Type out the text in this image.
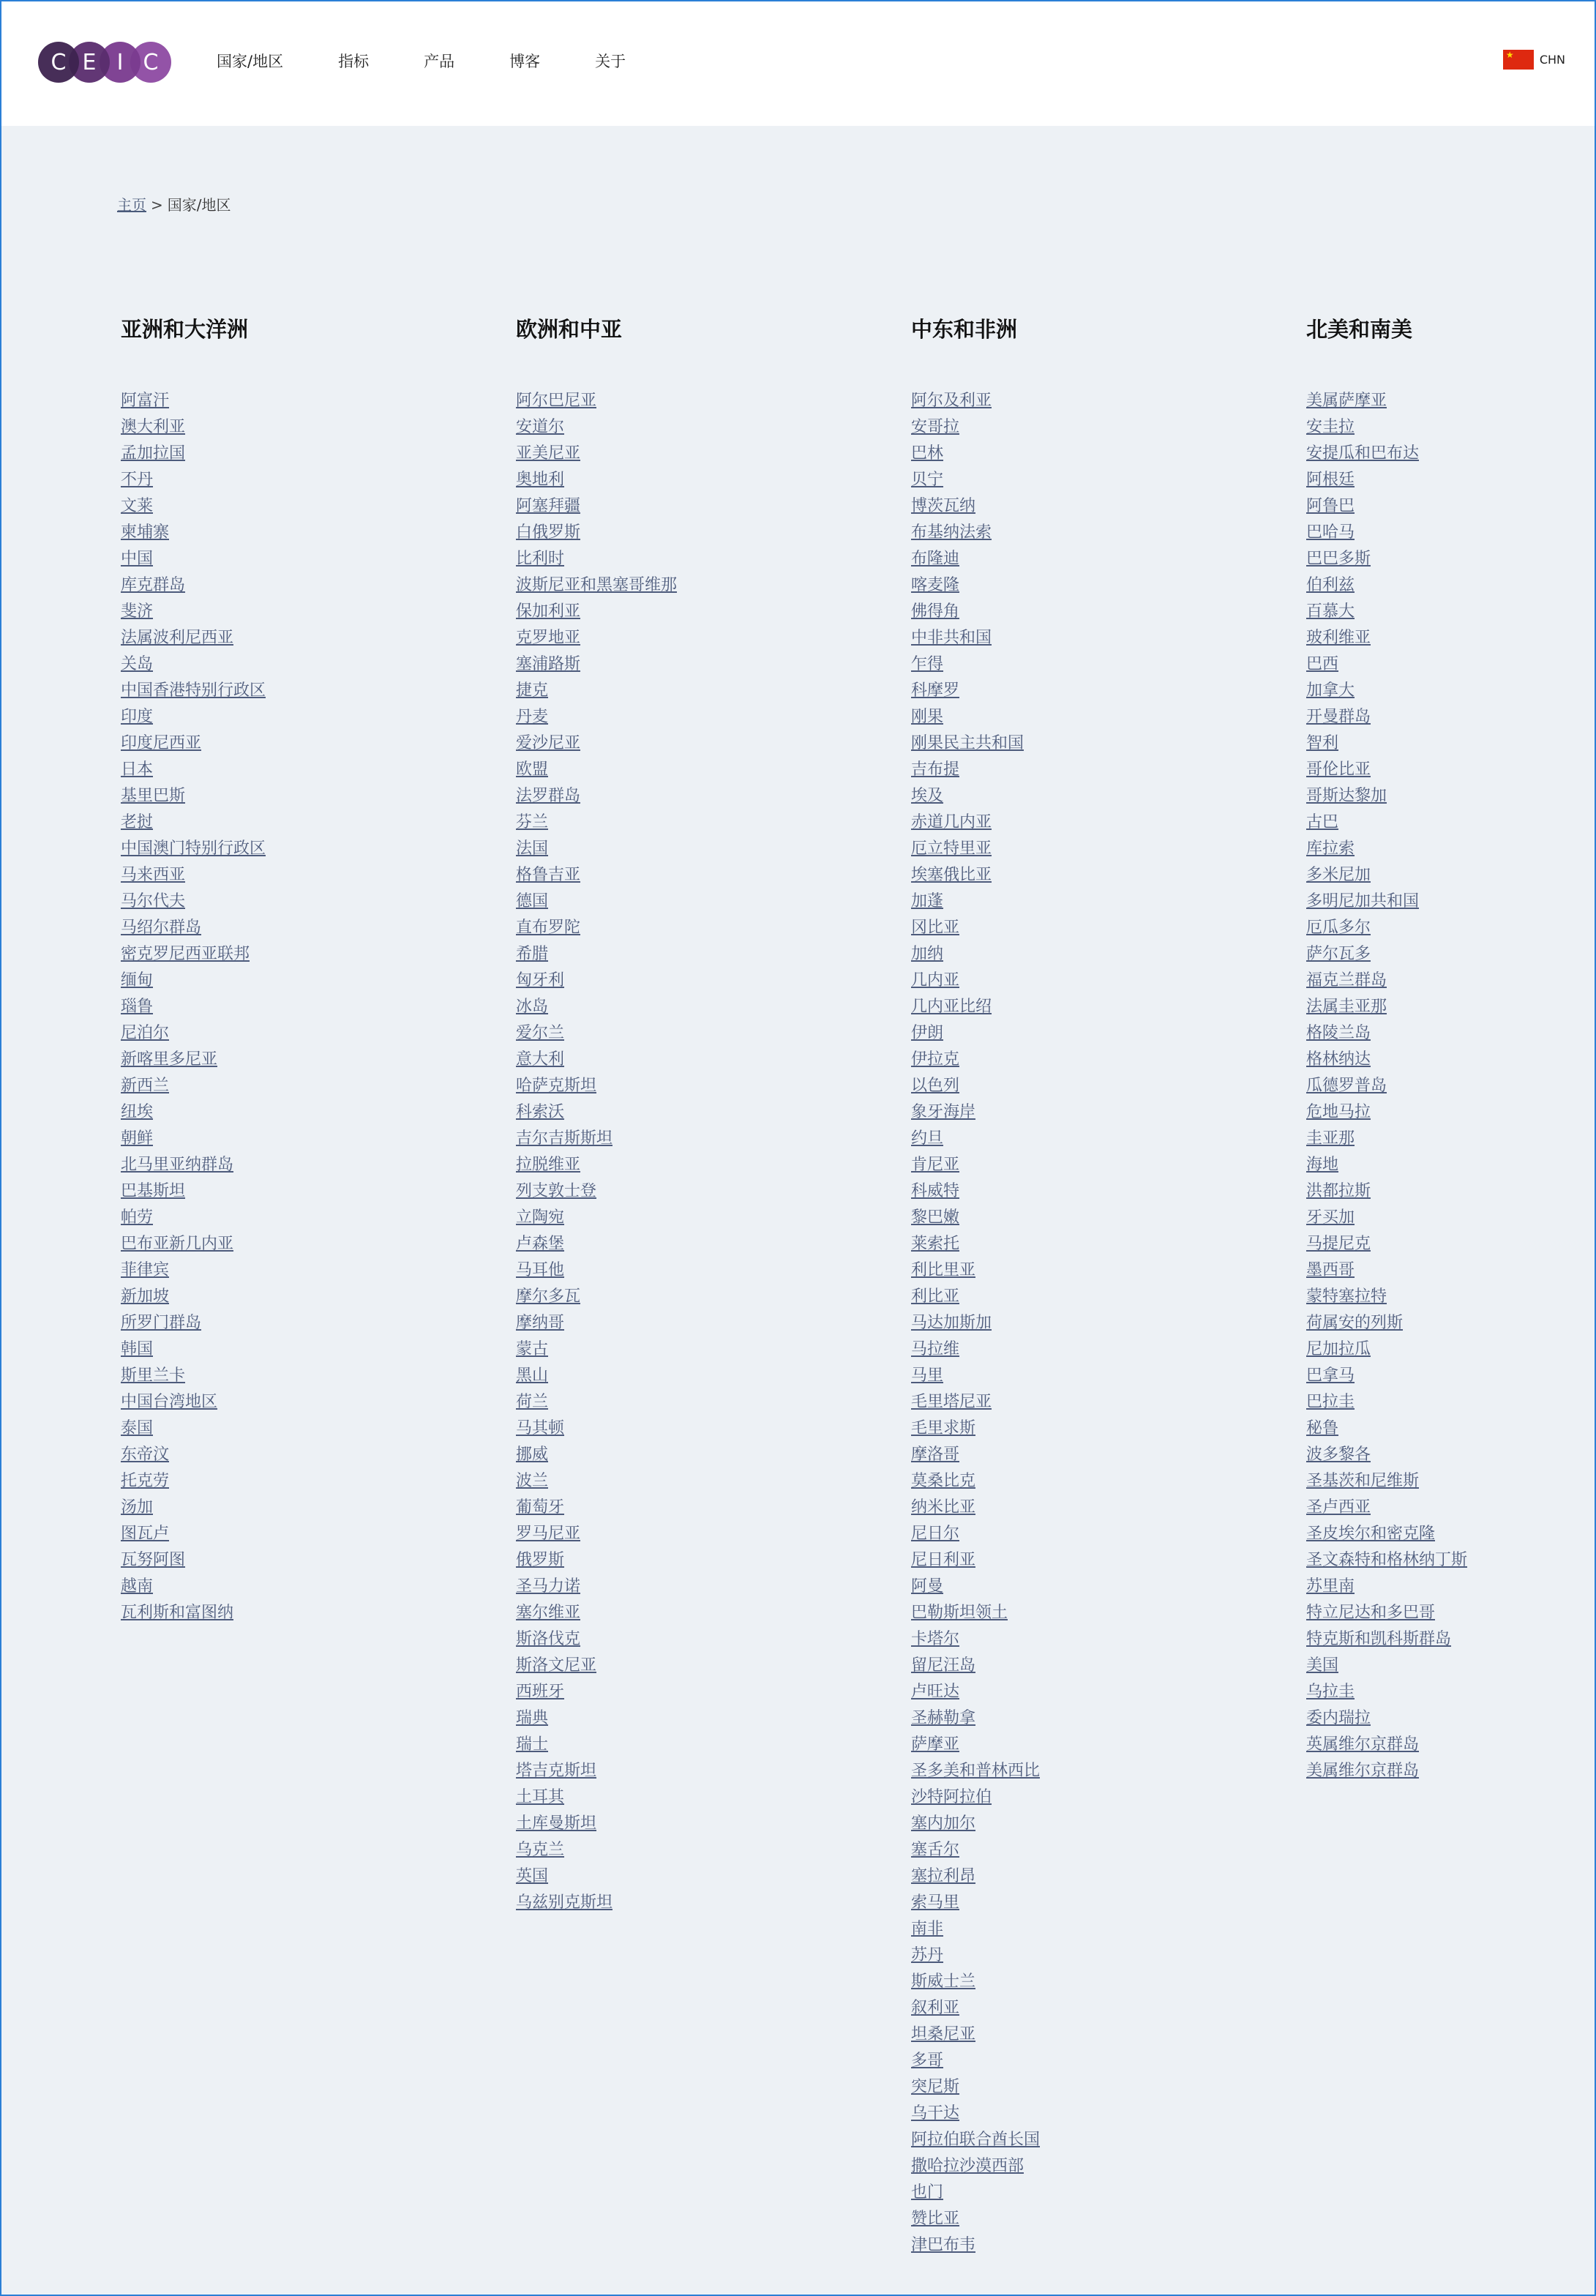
C E I C	国家/地区	指标	产品	博客	关于	★ CHN
主页 > 国家/地区
亚洲和大洋洲
阿富汗
澳大利亚
孟加拉国
不丹
文莱
柬埔寨
中国
库克群岛
斐济
法属波利尼西亚
关岛
中国香港特别行政区
印度
印度尼西亚
日本
基里巴斯
老挝
中国澳门特别行政区
马来西亚
马尔代夫
马绍尔群岛
密克罗尼西亚联邦
缅甸
瑙鲁
尼泊尔
新喀里多尼亚
新西兰
纽埃
朝鲜
北马里亚纳群岛
巴基斯坦
帕劳
巴布亚新几内亚
菲律宾
新加坡
所罗门群岛
韩国
斯里兰卡
中国台湾地区
泰国
东帝汶
托克劳
汤加
图瓦卢
瓦努阿图
越南
瓦利斯和富图纳
欧洲和中亚
阿尔巴尼亚
安道尔
亚美尼亚
奥地利
阿塞拜疆
白俄罗斯
比利时
波斯尼亚和黑塞哥维那
保加利亚
克罗地亚
塞浦路斯
捷克
丹麦
爱沙尼亚
欧盟
法罗群岛
芬兰
法国
格鲁吉亚
德国
直布罗陀
希腊
匈牙利
冰岛
爱尔兰
意大利
哈萨克斯坦
科索沃
吉尔吉斯斯坦
拉脱维亚
列支敦士登
立陶宛
卢森堡
马耳他
摩尔多瓦
摩纳哥
蒙古
黑山
荷兰
马其顿
挪威
波兰
葡萄牙
罗马尼亚
俄罗斯
圣马力诺
塞尔维亚
斯洛伐克
斯洛文尼亚
西班牙
瑞典
瑞士
塔吉克斯坦
土耳其
土库曼斯坦
乌克兰
英国
乌兹别克斯坦
中东和非洲
阿尔及利亚
安哥拉
巴林
贝宁
博茨瓦纳
布基纳法索
布隆迪
喀麦隆
佛得角
中非共和国
乍得
科摩罗
刚果
刚果民主共和国
吉布提
埃及
赤道几内亚
厄立特里亚
埃塞俄比亚
加蓬
冈比亚
加纳
几内亚
几内亚比绍
伊朗
伊拉克
以色列
象牙海岸
约旦
肯尼亚
科威特
黎巴嫩
莱索托
利比里亚
利比亚
马达加斯加
马拉维
马里
毛里塔尼亚
毛里求斯
摩洛哥
莫桑比克
纳米比亚
尼日尔
尼日利亚
阿曼
巴勒斯坦领土
卡塔尔
留尼汪岛
卢旺达
圣赫勒拿
萨摩亚
圣多美和普林西比
沙特阿拉伯
塞内加尔
塞舌尔
塞拉利昂
索马里
南非
苏丹
斯威士兰
叙利亚
坦桑尼亚
多哥
突尼斯
乌干达
阿拉伯联合酋长国
撒哈拉沙漠西部
也门
赞比亚
津巴布韦
北美和南美
美属萨摩亚
安圭拉
安提瓜和巴布达
阿根廷
阿鲁巴
巴哈马
巴巴多斯
伯利兹
百慕大
玻利维亚
巴西
加拿大
开曼群岛
智利
哥伦比亚
哥斯达黎加
古巴
库拉索
多米尼加
多明尼加共和国
厄瓜多尔
萨尔瓦多
福克兰群岛
法属圭亚那
格陵兰岛
格林纳达
瓜德罗普岛
危地马拉
圭亚那
海地
洪都拉斯
牙买加
马提尼克
墨西哥
蒙特塞拉特
荷属安的列斯
尼加拉瓜
巴拿马
巴拉圭
秘鲁
波多黎各
圣基茨和尼维斯
圣卢西亚
圣皮埃尔和密克隆
圣文森特和格林纳丁斯
苏里南
特立尼达和多巴哥
特克斯和凯科斯群岛
美国
乌拉圭
委内瑞拉
英属维尔京群岛
美属维尔京群岛
